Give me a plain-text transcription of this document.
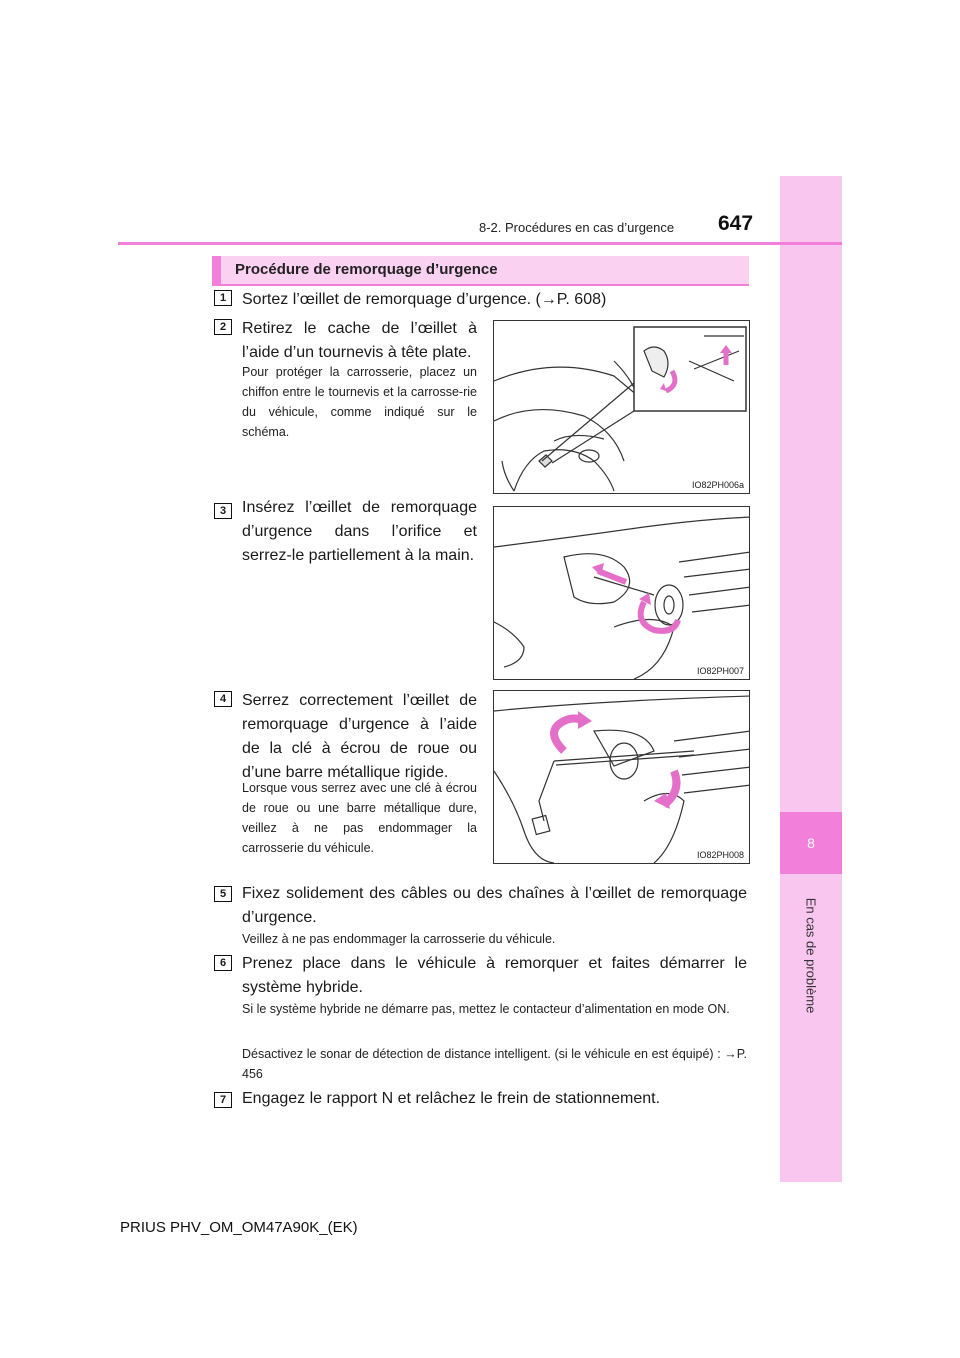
8
En cas de problème
8-2. Procédures en cas d’urgence 647
Procédure de remorquage d’urgence
1 Sortez l’œillet de remorquage d’urgence. (→P. 608)
2 Retirez le cache de l’œillet à l’aide d’un tournevis à tête plate.
Pour protéger la carrosserie, placez un chiffon entre le tournevis et la carrosse-rie du véhicule, comme indiqué sur le schéma.
IO82PH006a
3 Insérez l’œillet de remorquage d’urgence dans l’orifice et serrez-le partiellement à la main.
IO82PH007
4 Serrez correctement l’œillet de remorquage d’urgence à l’aide de la clé à écrou de roue ou d’une barre métallique rigide.
Lorsque vous serrez avec une clé à écrou de roue ou une barre métallique dure, veillez à ne pas endommager la carrosserie du véhicule.	IO82PH008
5 Fixez solidement des câbles ou des chaînes à l’œillet de remorquage d’urgence.
Veillez à ne pas endommager la carrosserie du véhicule.
6 Prenez place dans le véhicule à remorquer et faites démarrer le système hybride.
Si le système hybride ne démarre pas, mettez le contacteur d’alimentation en mode ON.
Désactivez le sonar de détection de distance intelligent. (si le véhicule en est équipé) : →P. 456
7 Engagez le rapport N et relâchez le frein de stationnement.
PRIUS PHV_OM_OM47A90K_(EK)
